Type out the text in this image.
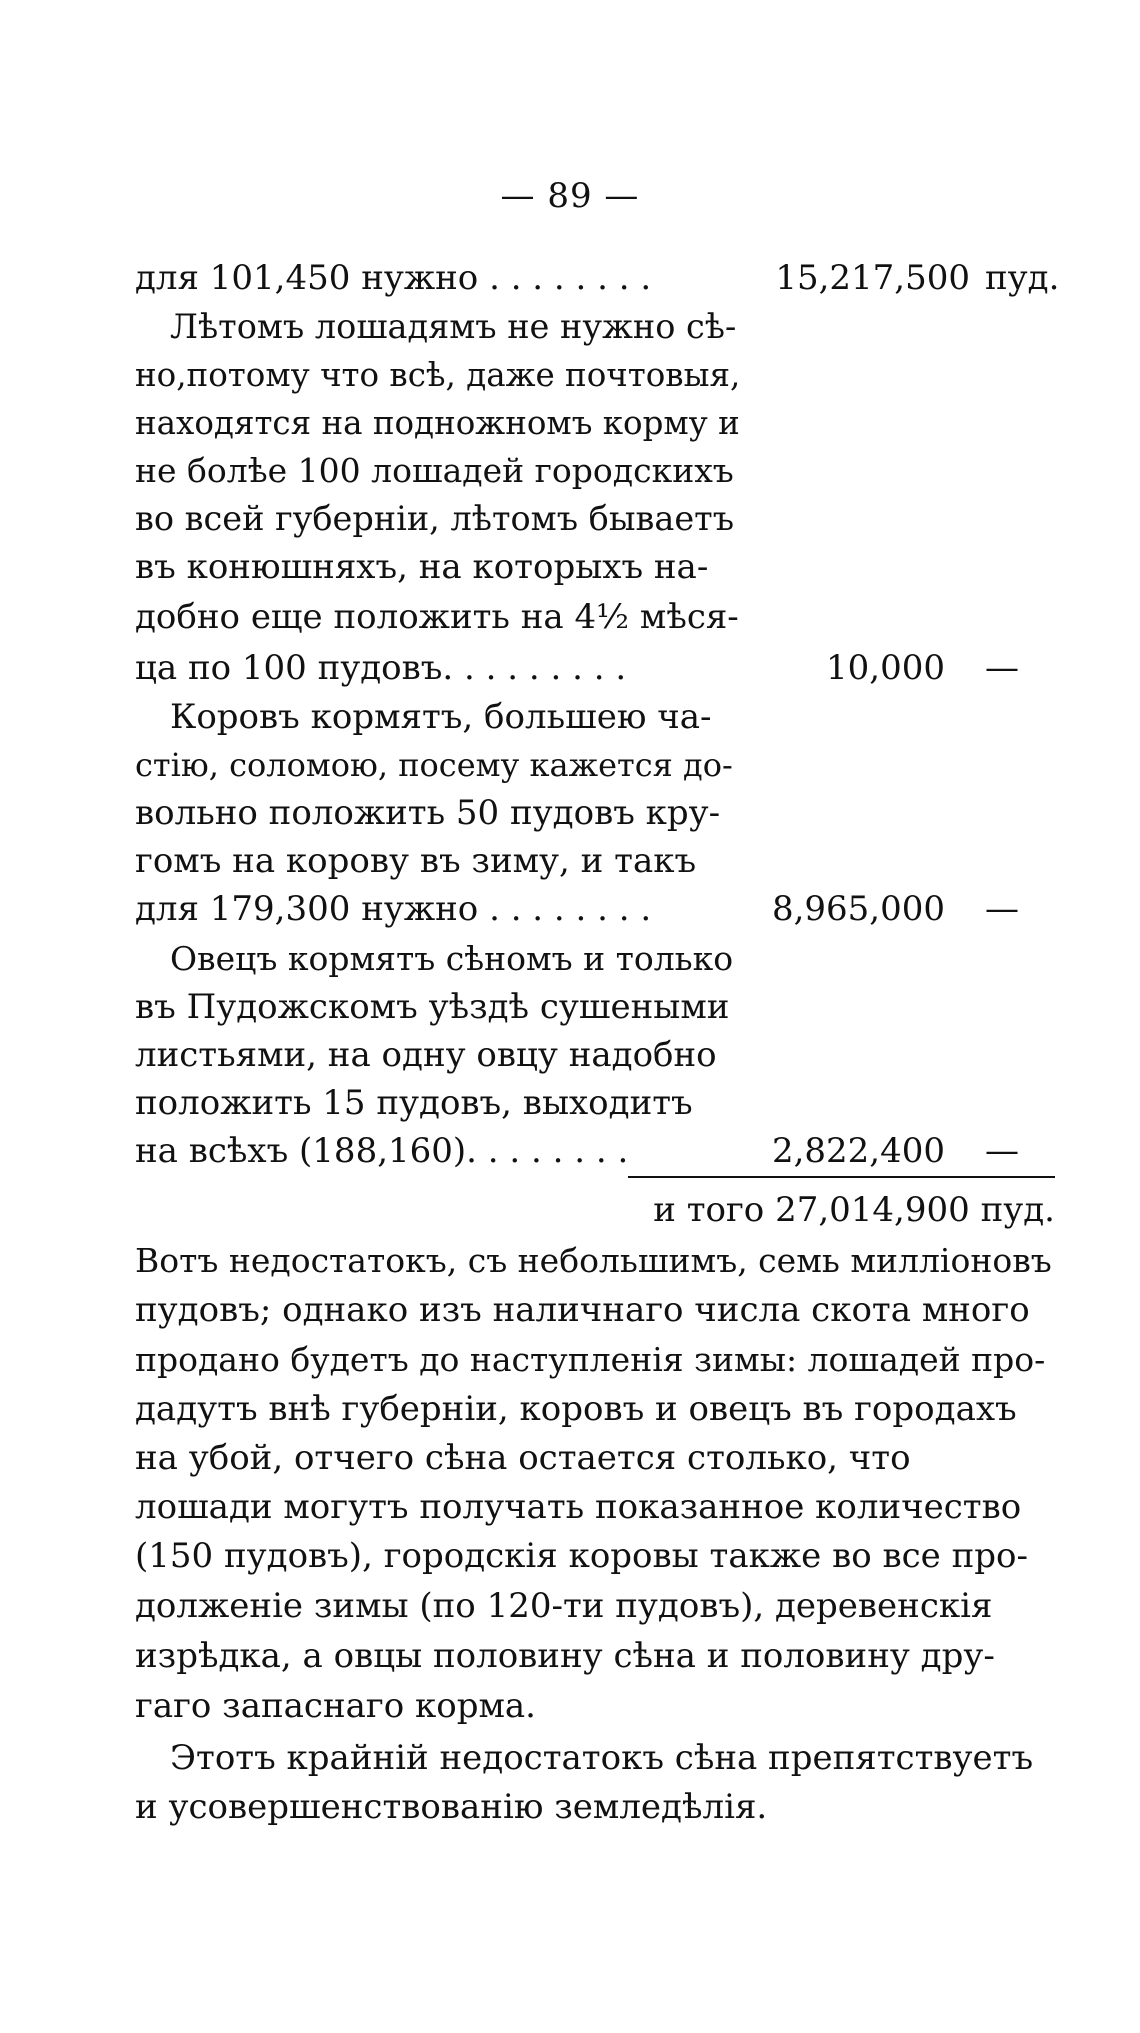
— 89 —
для 101,450 нужно . . . . . . . .	15,217,500 пуд.
Лѣтомъ лошадямъ не нужно сѣ-
но,потому что всѣ, даже почтовыя,
находятся на подножномъ корму и
не болѣе 100 лошадей городскихъ
во всей губерніи, лѣтомъ бываетъ
въ конюшняхъ, на которыхъ на-
добно еще положить на 4½ мѣся-
ца по 100 пудовъ. . . . . . . . .	10,000 —
Коровъ кормятъ, большею ча-
стію, соломою, посему кажется до-
вольно положить 50 пудовъ кру-
гомъ на корову въ зиму, и такъ
для 179,300 нужно . . . . . . . .	8,965,000 —
Овецъ кормятъ сѣномъ и только
въ Пудожскомъ уѣздѣ сушеными
листьями, на одну овцу надобно
положить 15 пудовъ, выходитъ
на всѣхъ (188,160). . . . . . . .	2,822,400 —
и того 27,014,900 пуд.
Вотъ недостатокъ, съ небольшимъ, семь милліоновъ
пудовъ; однако изъ наличнаго числа скота много
продано будетъ до наступленія зимы: лошадей про-
дадутъ внѣ губерніи, коровъ и овецъ въ городахъ
на убой, отчего сѣна остается столько, что
лошади могутъ получать показанное количество
(150 пудовъ), городскія коровы также во все про-
долженіе зимы (по 120-ти пудовъ), деревенскія
изрѣдка, а овцы половину сѣна и половину дру-
гаго запаснаго корма.
Этотъ крайній недостатокъ сѣна препятствуетъ
и усовершенствованію земледѣлія.
